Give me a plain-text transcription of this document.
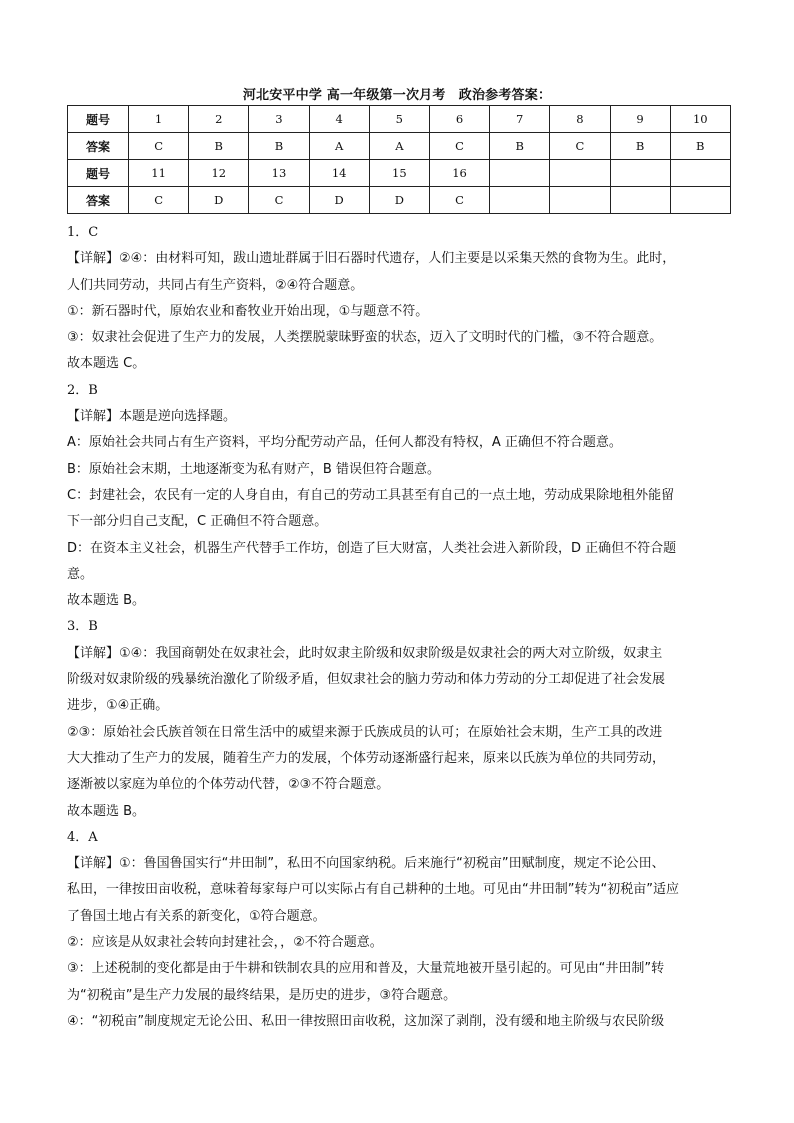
河北安平中学 高一年级第一次月考　政治参考答案：
题号	1	2	3	4	5	6	7	8	9	10
答案	C	B	B	A	A	C	B	C	B	B
题号	11	12	13	14	15	16				
答案	C	D	C	D	D	C				

1．C

【详解】②④：由材料可知，跋山遗址群属于旧石器时代遗存，人们主要是以采集天然的食物为生。此时，

人们共同劳动，共同占有生产资料，②④符合题意。

①：新石器时代，原始农业和畜牧业开始出现，①与题意不符。

③：奴隶社会促进了生产力的发展，人类摆脱蒙昧野蛮的状态，迈入了文明时代的门槛，③不符合题意。

故本题选 C。

2．B

【详解】本题是逆向选择题。

A：原始社会共同占有生产资料，平均分配劳动产品，任何人都没有特权，A 正确但不符合题意。

B：原始社会末期，土地逐渐变为私有财产，B 错误但符合题意。

C：封建社会，农民有一定的人身自由，有自己的劳动工具甚至有自己的一点土地，劳动成果除地租外能留

下一部分归自己支配，C 正确但不符合题意。

D：在资本主义社会，机器生产代替手工作坊，创造了巨大财富，人类社会进入新阶段，D 正确但不符合题

意。

故本题选 B。

3．B

【详解】①④：我国商朝处在奴隶社会，此时奴隶主阶级和奴隶阶级是奴隶社会的两大对立阶级，奴隶主

阶级对奴隶阶级的残暴统治激化了阶级矛盾，但奴隶社会的脑力劳动和体力劳动的分工却促进了社会发展

进步，①④正确。

②③：原始社会氏族首领在日常生活中的威望来源于氏族成员的认可；在原始社会末期，生产工具的改进

大大推动了生产力的发展，随着生产力的发展，个体劳动逐渐盛行起来，原来以氏族为单位的共同劳动，

逐渐被以家庭为单位的个体劳动代替，②③不符合题意。

故本题选 B。

4．A

【详解】①：鲁国鲁国实行“井田制”，私田不向国家纳税。后来施行“初税亩”田赋制度，规定不论公田、

私田，一律按田亩收税，意味着每家每户可以实际占有自己耕种的土地。可见由“井田制”转为“初税亩”适应

了鲁国土地占有关系的新变化，①符合题意。

②：应该是从奴隶社会转向封建社会，，②不符合题意。

③：上述税制的变化都是由于牛耕和铁制农具的应用和普及，大量荒地被开垦引起的。可见由“井田制”转

为“初税亩”是生产力发展的最终结果，是历史的进步，③符合题意。

④：“初税亩”制度规定无论公田、私田一律按照田亩收税，这加深了剥削，没有缓和地主阶级与农民阶级
